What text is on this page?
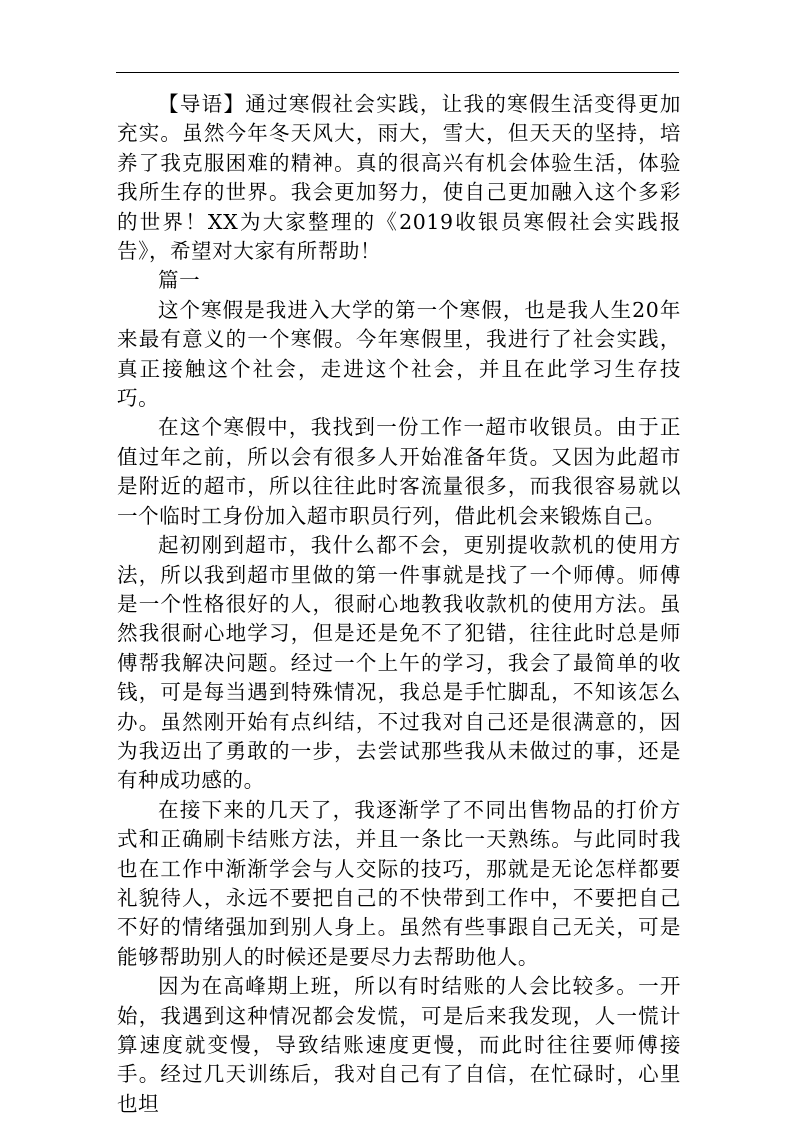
【导语】通过寒假社会实践，让我的寒假生活变得更加充实。虽然今年冬天风大，雨大，雪大，但天天的坚持，培养了我克服困难的精神。真的很高兴有机会体验生活，体验我所生存的世界。我会更加努力，使自己更加融入这个多彩的世界！XX为大家整理的《2019收银员寒假社会实践报告》，希望对大家有所帮助！

篇一

这个寒假是我进入大学的第一个寒假，也是我人生20年来最有意义的一个寒假。今年寒假里，我进行了社会实践，真正接触这个社会，走进这个社会，并且在此学习生存技巧。

在这个寒假中，我找到一份工作一超市收银员。由于正值过年之前，所以会有很多人开始准备年货。又因为此超市是附近的超市，所以往往此时客流量很多，而我很容易就以一个临时工身份加入超市职员行列，借此机会来锻炼自己。

起初刚到超市，我什么都不会，更别提收款机的使用方法，所以我到超市里做的第一件事就是找了一个师傅。师傅是一个性格很好的人，很耐心地教我收款机的使用方法。虽然我很耐心地学习，但是还是免不了犯错，往往此时总是师傅帮我解决问题。经过一个上午的学习，我会了最简单的收钱，可是每当遇到特殊情况，我总是手忙脚乱，不知该怎么办。虽然刚开始有点纠结，不过我对自己还是很满意的，因为我迈出了勇敢的一步，去尝试那些我从未做过的事，还是有种成功感的。

在接下来的几天了，我逐渐学了不同出售物品的打价方式和正确刷卡结账方法，并且一条比一天熟练。与此同时我也在工作中渐渐学会与人交际的技巧，那就是无论怎样都要礼貌待人，永远不要把自己的不快带到工作中，不要把自己不好的情绪强加到别人身上。虽然有些事跟自己无关，可是能够帮助别人的时候还是要尽力去帮助他人。

因为在高峰期上班，所以有时结账的人会比较多。一开始，我遇到这种情况都会发慌，可是后来我发现，人一慌计算速度就变慢，导致结账速度更慢，而此时往往要师傅接手。经过几天训练后，我对自己有了自信，在忙碌时，心里也坦
